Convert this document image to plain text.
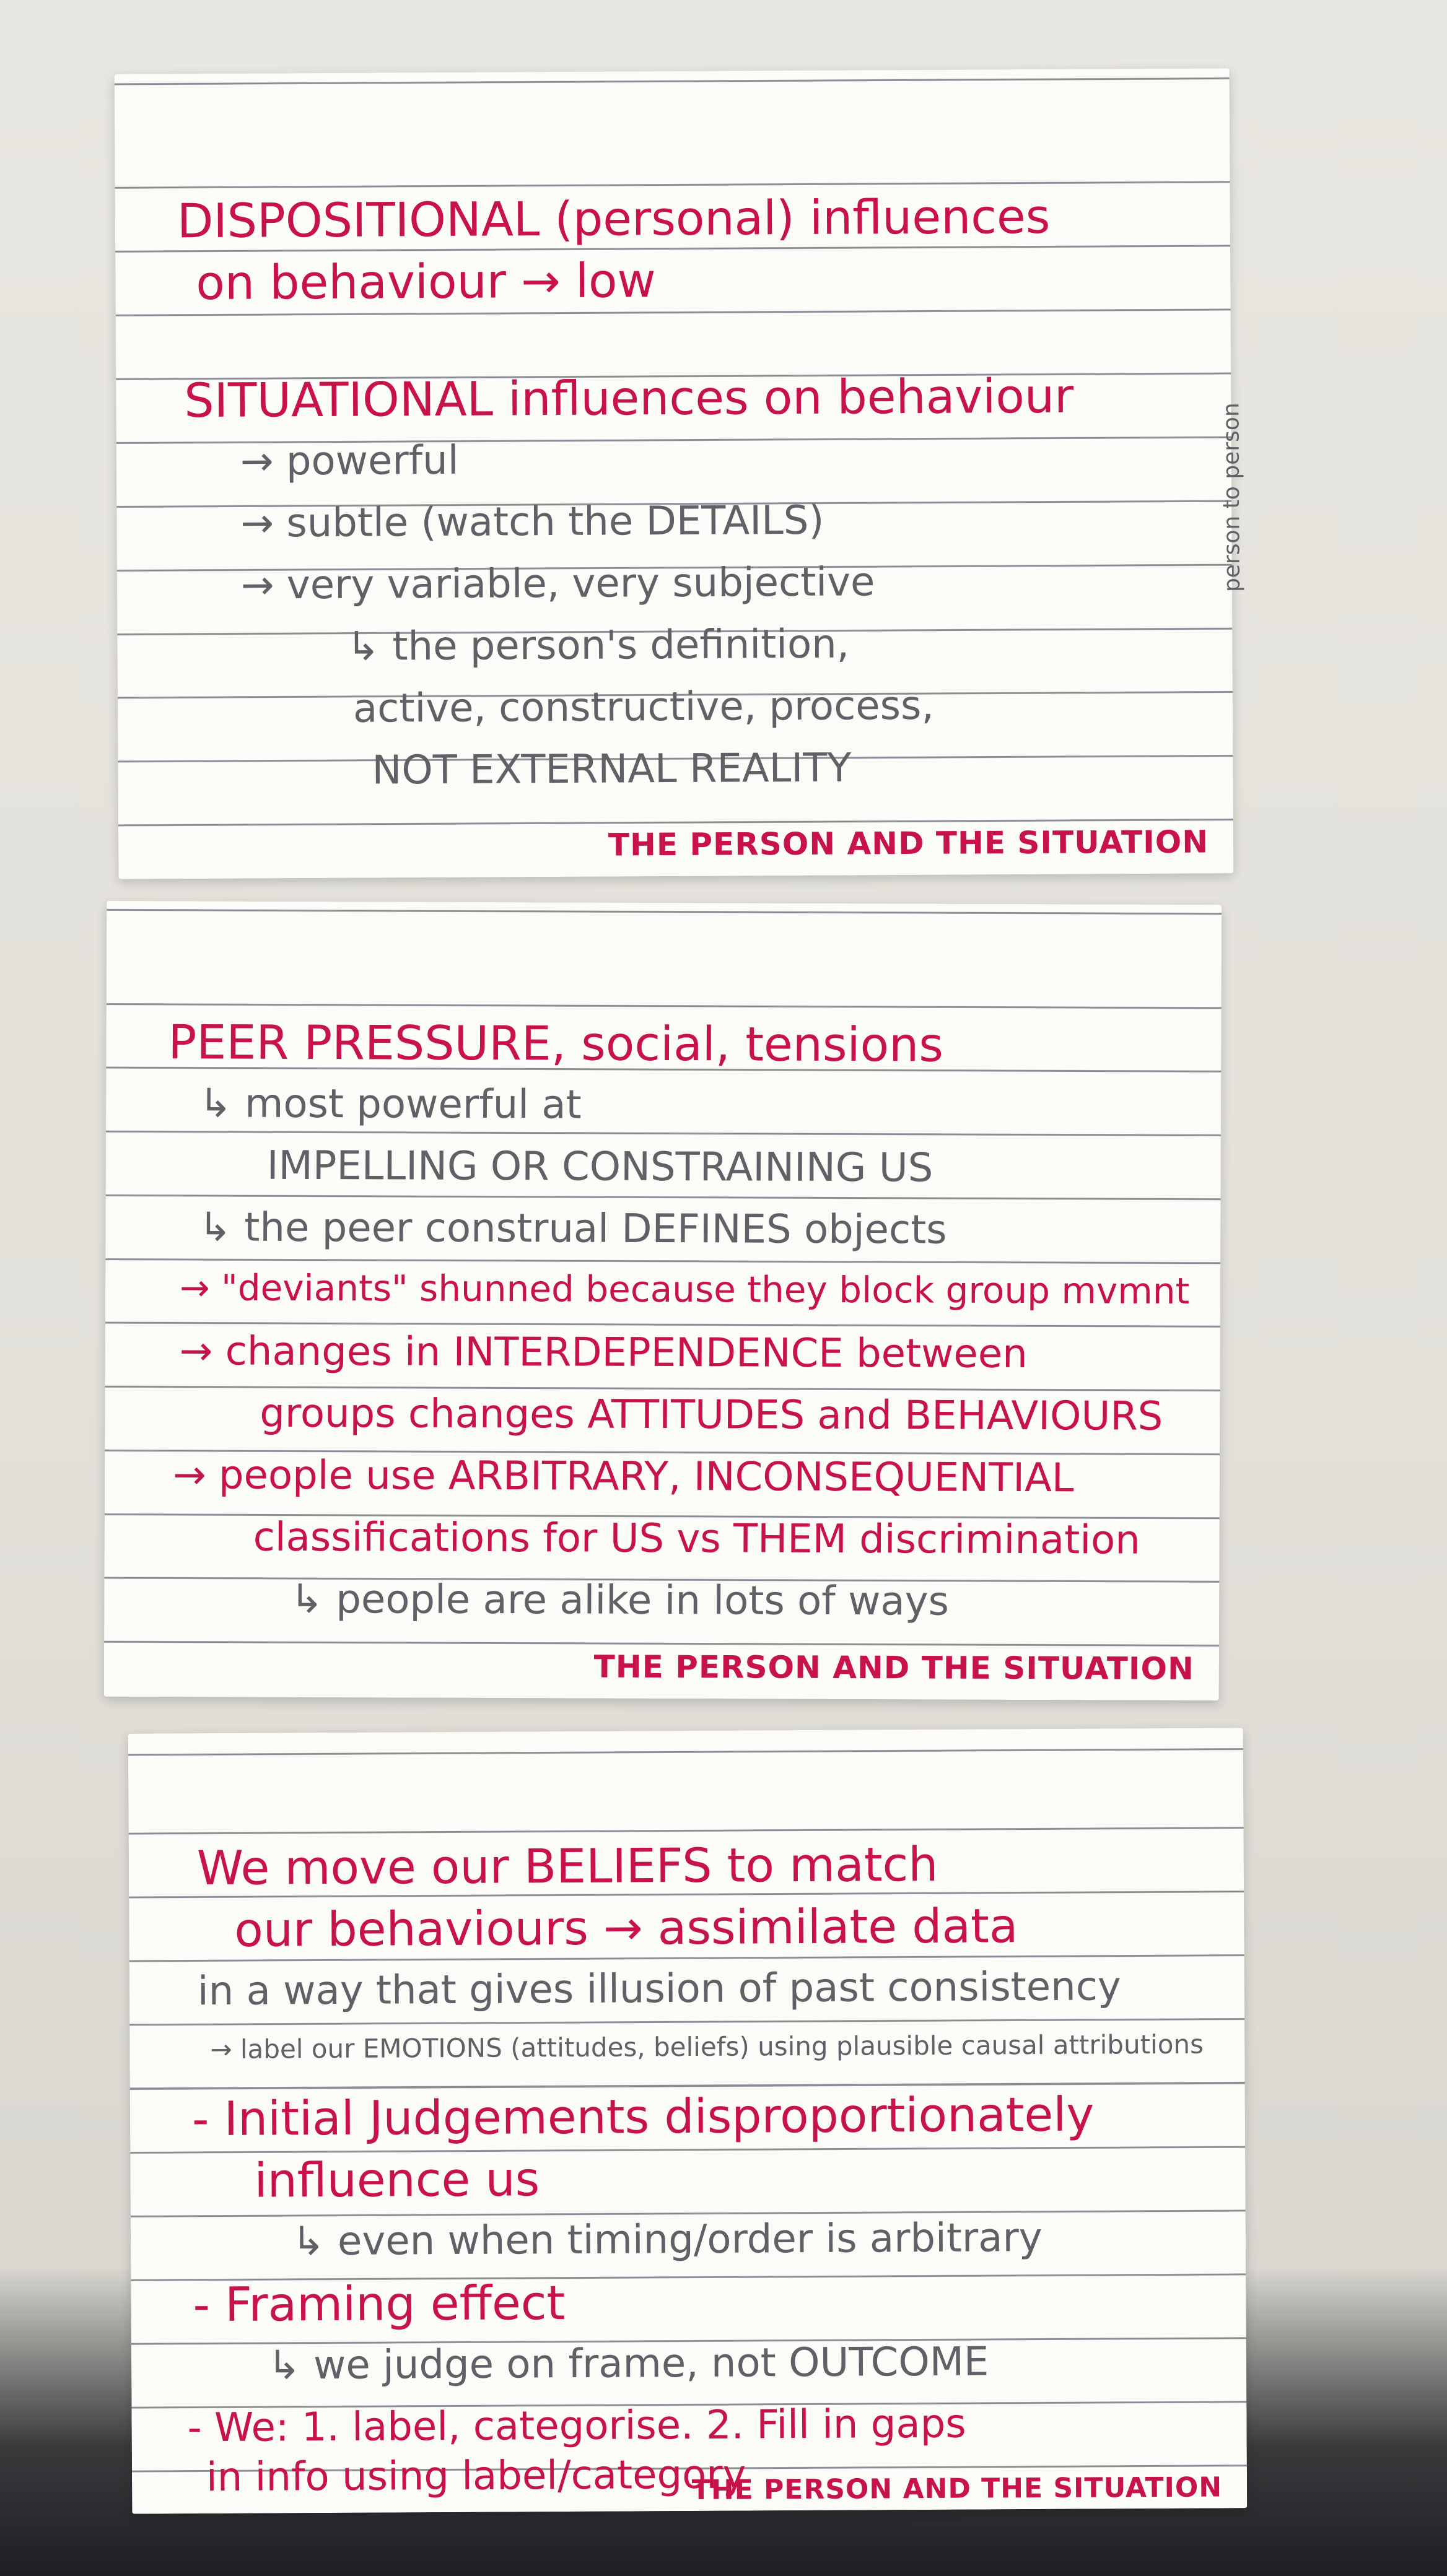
DISPOSITIONAL (personal) influences
on behaviour → low
SITUATIONAL influences on behaviour
→ powerful
→ subtle (watch the DETAILS)
→ very variable, very subjective
↳ the person's definition,
active, constructive, process,
NOT EXTERNAL REALITY
person to person
THE PERSON AND THE SITUATION
PEER PRESSURE, social, tensions
↳ most powerful at
IMPELLING OR CONSTRAINING US
↳ the peer construal DEFINES objects
→ "deviants" shunned because they block group mvmnt
→ changes in INTERDEPENDENCE between
groups changes ATTITUDES and BEHAVIOURS
→ people use ARBITRARY, INCONSEQUENTIAL
classifications for US vs THEM discrimination
↳ people are alike in lots of ways
THE PERSON AND THE SITUATION
We move our BELIEFS to match
our behaviours → assimilate data
in a way that gives illusion of past consistency
→ label our EMOTIONS (attitudes, beliefs) using plausible causal attributions
- Initial Judgements disproportionately
influence us
↳ even when timing/order is arbitrary
- Framing effect
↳ we judge on frame, not OUTCOME
- We: 1. label, categorise. 2. Fill in gaps
in info using label/category
THE PERSON AND THE SITUATION
